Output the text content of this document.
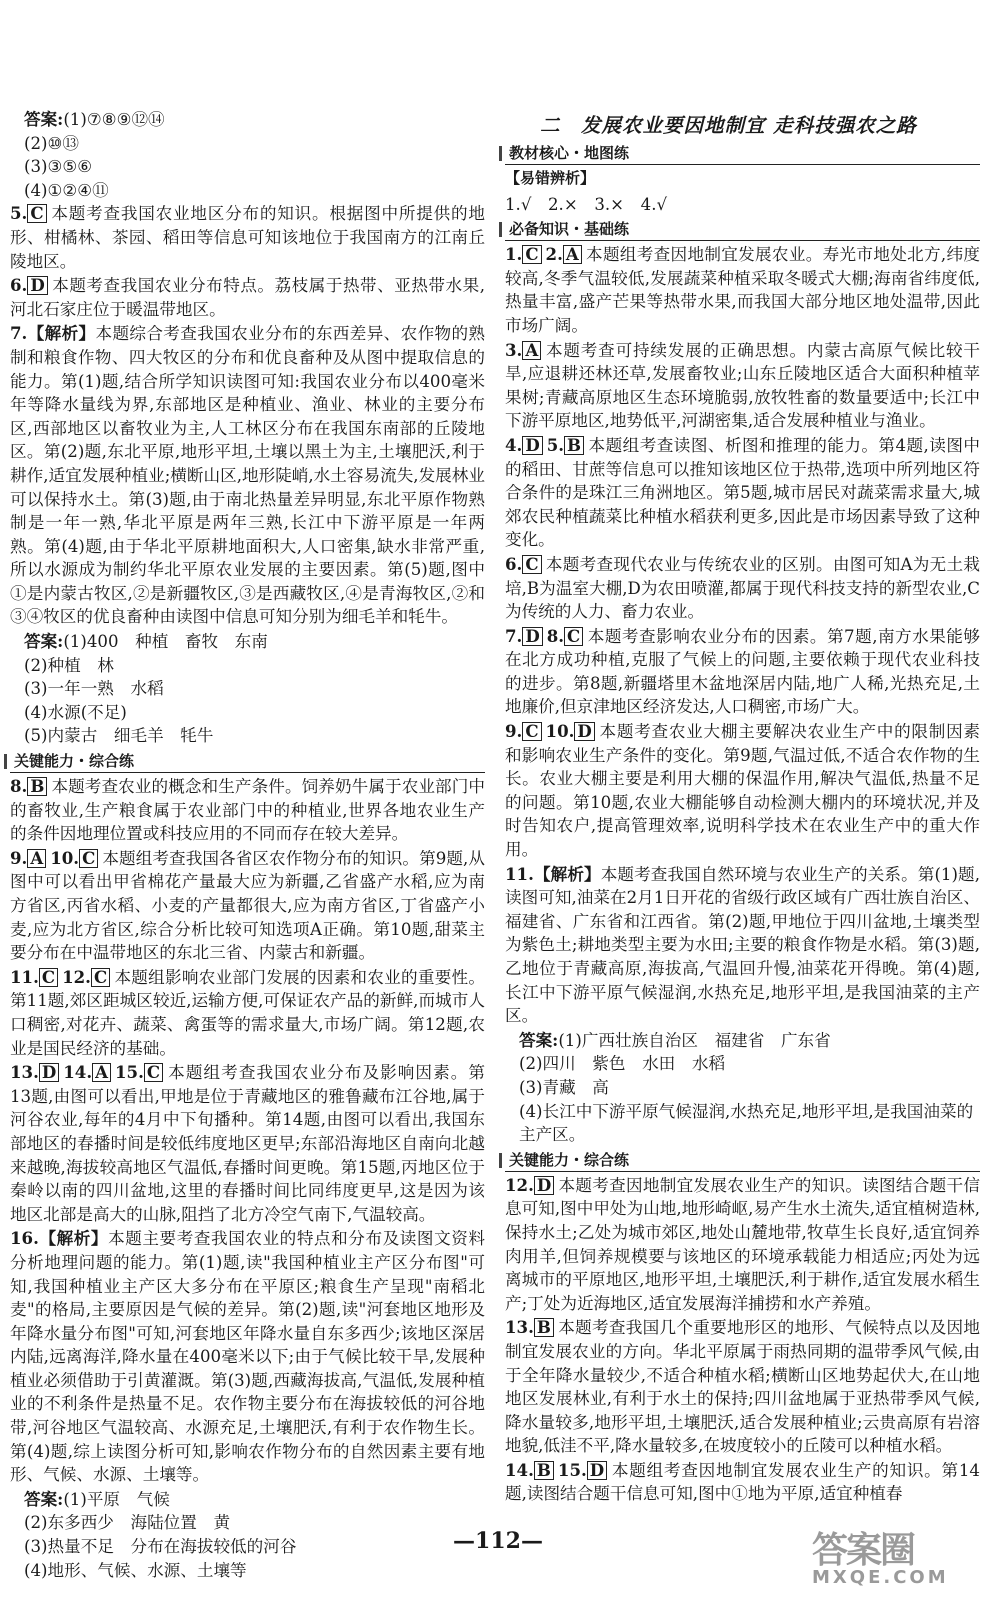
答案:(1)⑦⑧⑨⑫⑭
(2)⑩⑬
(3)③⑤⑥
(4)①②④⑪

5. C 本题考查我国农业地区分布的知识。根据图中所提供的地形、柑橘林、茶园、稻田等信息可知该地位于我国南方的江南丘陵地区。

6. D 本题考查我国农业分布特点。荔枝属于热带、亚热带水果,河北石家庄位于暖温带地区。

7.【解析】本题综合考查我国农业分布的东西差异、农作物的熟制和粮食作物、四大牧区的分布和优良畜种及从图中提取信息的能力。第(1)题,结合所学知识读图可知:我国农业分布以400毫米年等降水量线为界,东部地区是种植业、渔业、林业的主要分布区,西部地区以畜牧业为主,人工林区分布在我国东南部的丘陵地区。第(2)题,东北平原,地形平坦,土壤以黑土为主,土壤肥沃,利于耕作,适宜发展种植业;横断山区,地形陡峭,水土容易流失,发展林业可以保持水土。第(3)题,由于南北热量差异明显,东北平原作物熟制是一年一熟,华北平原是两年三熟,长江中下游平原是一年两熟。第(4)题,由于华北平原耕地面积大,人口密集,缺水非常严重,所以水源成为制约华北平原农业发展的主要因素。第(5)题,图中①是内蒙古牧区,②是新疆牧区,③是西藏牧区,④是青海牧区,②和③④牧区的优良畜种由读图中信息可知分别为细毛羊和牦牛。

答案:(1)400　种植　畜牧　东南
(2)种植　林
(3)一年一熟　水稻
(4)水源(不足)
(5)内蒙古　细毛羊　牦牛
关键能力・综合练

8. B 本题考查农业的概念和生产条件。饲养奶牛属于农业部门中的畜牧业,生产粮食属于农业部门中的种植业,世界各地农业生产的条件因地理位置或科技应用的不同而存在较大差异。

9. A 10. C 本题组考查我国各省区农作物分布的知识。第9题,从图中可以看出甲省棉花产量最大应为新疆,乙省盛产水稻,应为南方省区,丙省水稻、小麦的产量都很大,应为南方省区,丁省盛产小麦,应为北方省区,综合分析比较可知选项A正确。第10题,甜菜主要分布在中温带地区的东北三省、内蒙古和新疆。

11. C 12. C 本题组影响农业部门发展的因素和农业的重要性。第11题,郊区距城区较近,运输方便,可保证农产品的新鲜,而城市人口稠密,对花卉、蔬菜、禽蛋等的需求量大,市场广阔。第12题,农业是国民经济的基础。

13. D 14. A 15. C 本题组考查我国农业分布及影响因素。第13题,由图可以看出,甲地是位于青藏地区的雅鲁藏布江谷地,属于河谷农业,每年的4月中下旬播种。第14题,由图可以看出,我国东部地区的春播时间是较低纬度地区更早;东部沿海地区自南向北越来越晚,海拔较高地区气温低,春播时间更晚。第15题,丙地区位于秦岭以南的四川盆地,这里的春播时间比同纬度更早,这是因为该地区北部是高大的山脉,阻挡了北方冷空气南下,气温较高。

16.【解析】本题主要考查我国农业的特点和分布及读图文资料分析地理问题的能力。第(1)题,读"我国种植业主产区分布图"可知,我国种植业主产区大多分布在平原区;粮食生产呈现"南稻北麦"的格局,主要原因是气候的差异。第(2)题,读"河套地区地形及年降水量分布图"可知,河套地区年降水量自东多西少;该地区深居内陆,远离海洋,降水量在400毫米以下;由于气候比较干旱,发展种植业必须借助于引黄灌溉。第(3)题,西藏海拔高,气温低,发展种植业的不利条件是热量不足。农作物主要分布在海拔较低的河谷地带,河谷地区气温较高、水源充足,土壤肥沃,有利于农作物生长。第(4)题,综上读图分析可知,影响农作物分布的自然因素主要有地形、气候、水源、土壤等。

答案:(1)平原　气候
(2)东多西少　海陆位置　黄
(3)热量不足　分布在海拔较低的河谷
(4)地形、气候、水源、土壤等
二　发展农业要因地制宜 走科技强农之路
教材核心・地图练
【易错辨析】
1.√　2.×　3.×　4.√
必备知识・基础练

1. C 2. A 本题组考查因地制宜发展农业。寿光市地处北方,纬度较高,冬季气温较低,发展蔬菜种植采取冬暖式大棚;海南省纬度低,热量丰富,盛产芒果等热带水果,而我国大部分地区地处温带,因此市场广阔。

3. A 本题考查可持续发展的正确思想。内蒙古高原气候比较干旱,应退耕还林还草,发展畜牧业;山东丘陵地区适合大面积种植苹果树;青藏高原地区生态环境脆弱,放牧牲畜的数量要适中;长江中下游平原地区,地势低平,河湖密集,适合发展种植业与渔业。

4. D 5. B 本题组考查读图、析图和推理的能力。第4题,读图中的稻田、甘蔗等信息可以推知该地区位于热带,选项中所列地区符合条件的是珠江三角洲地区。第5题,城市居民对蔬菜需求量大,城郊农民种植蔬菜比种植水稻获利更多,因此是市场因素导致了这种变化。

6. C 本题考查现代农业与传统农业的区别。由图可知A为无土栽培,B为温室大棚,D为农田喷灌,都属于现代科技支持的新型农业,C为传统的人力、畜力农业。

7. D 8. C 本题考查影响农业分布的因素。第7题,南方水果能够在北方成功种植,克服了气候上的问题,主要依赖于现代农业科技的进步。第8题,新疆塔里木盆地深居内陆,地广人稀,光热充足,土地廉价,但京津地区经济发达,人口稠密,市场广大。

9. C 10. D 本题考查农业大棚主要解决农业生产中的限制因素和影响农业生产条件的变化。第9题,气温过低,不适合农作物的生长。农业大棚主要是利用大棚的保温作用,解决气温低,热量不足的问题。第10题,农业大棚能够自动检测大棚内的环境状况,并及时告知农户,提高管理效率,说明科学技术在农业生产中的重大作用。

11.【解析】本题考查我国自然环境与农业生产的关系。第(1)题,读图可知,油菜在2月1日开花的省级行政区域有广西壮族自治区、福建省、广东省和江西省。第(2)题,甲地位于四川盆地,土壤类型为紫色土;耕地类型主要为水田;主要的粮食作物是水稻。第(3)题,乙地位于青藏高原,海拔高,气温回升慢,油菜花开得晚。第(4)题,长江中下游平原气候湿润,水热充足,地形平坦,是我国油菜的主产区。

答案:(1)广西壮族自治区　福建省　广东省
(2)四川　紫色　水田　水稻
(3)青藏　高
(4)长江中下游平原气候湿润,水热充足,地形平坦,是我国油菜的主产区。
关键能力・综合练

12. D 本题考查因地制宜发展农业生产的知识。读图结合题干信息可知,图中甲处为山地,地形崎岖,易产生水土流失,适宜植树造林,保持水土;乙处为城市郊区,地处山麓地带,牧草生长良好,适宜饲养肉用羊,但饲养规模要与该地区的环境承载能力相适应;丙处为远离城市的平原地区,地形平坦,土壤肥沃,利于耕作,适宜发展水稻生产;丁处为近海地区,适宜发展海洋捕捞和水产养殖。

13. B 本题考查我国几个重要地形区的地形、气候特点以及因地制宜发展农业的方向。华北平原属于雨热同期的温带季风气候,由于全年降水量较少,不适合种植水稻;横断山区地势起伏大,在山地地区发展林业,有利于水土的保持;四川盆地属于亚热带季风气候,降水量较多,地形平坦,土壤肥沃,适合发展种植业;云贵高原有岩溶地貌,低洼不平,降水量较多,在坡度较小的丘陵可以种植水稻。

14. B 15. D 本题组考查因地制宜发展农业生产的知识。第14题,读图结合题干信息可知,图中①地为平原,适宜种植春

—112—	答案圈
MXQE.COM
